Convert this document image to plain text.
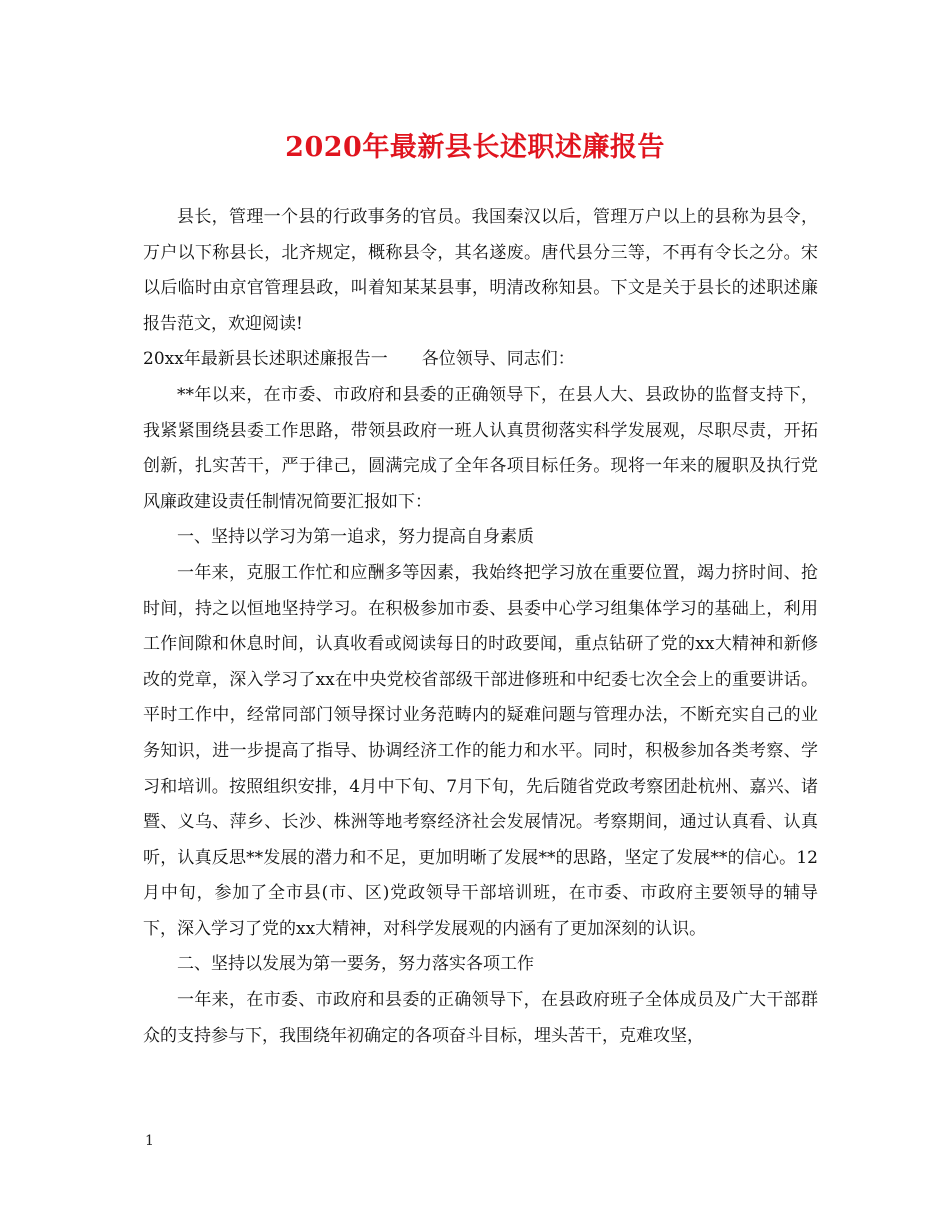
2020年最新县长述职述廉报告

县长，管理一个县的行政事务的官员。我国秦汉以后，管理万户以上的县称为县令，万户以下称县长，北齐规定，概称县令，其名遂废。唐代县分三等，不再有令长之分。宋以后临时由京官管理县政，叫着知某某县事，明清改称知县。下文是关于县长的述职述廉报告范文，欢迎阅读!

20xx年最新县长述职述廉报告一　　各位领导、同志们：

**年以来，在市委、市政府和县委的正确领导下，在县人大、县政协的监督支持下，我紧紧围绕县委工作思路，带领县政府一班人认真贯彻落实科学发展观，尽职尽责，开拓创新，扎实苦干，严于律己，圆满完成了全年各项目标任务。现将一年来的履职及执行党风廉政建设责任制情况简要汇报如下：

一、坚持以学习为第一追求，努力提高自身素质

一年来，克服工作忙和应酬多等因素，我始终把学习放在重要位置，竭力挤时间、抢时间，持之以恒地坚持学习。在积极参加市委、县委中心学习组集体学习的基础上，利用工作间隙和休息时间，认真收看或阅读每日的时政要闻，重点钻研了党的xx大精神和新修改的党章，深入学习了xx在中央党校省部级干部进修班和中纪委七次全会上的重要讲话。平时工作中，经常同部门领导探讨业务范畴内的疑难问题与管理办法，不断充实自己的业务知识，进一步提高了指导、协调经济工作的能力和水平。同时，积极参加各类考察、学习和培训。按照组织安排，4月中下旬、7月下旬，先后随省党政考察团赴杭州、嘉兴、诸暨、义乌、萍乡、长沙、株洲等地考察经济社会发展情况。考察期间，通过认真看、认真听，认真反思**发展的潜力和不足，更加明晰了发展**的思路，坚定了发展**的信心。12月中旬，参加了全市县(市、区)党政领导干部培训班，在市委、市政府主要领导的辅导下，深入学习了党的xx大精神，对科学发展观的内涵有了更加深刻的认识。

二、坚持以发展为第一要务，努力落实各项工作

一年来，在市委、市政府和县委的正确领导下，在县政府班子全体成员及广大干部群众的支持参与下，我围绕年初确定的各项奋斗目标，埋头苦干，克难攻坚，

1
